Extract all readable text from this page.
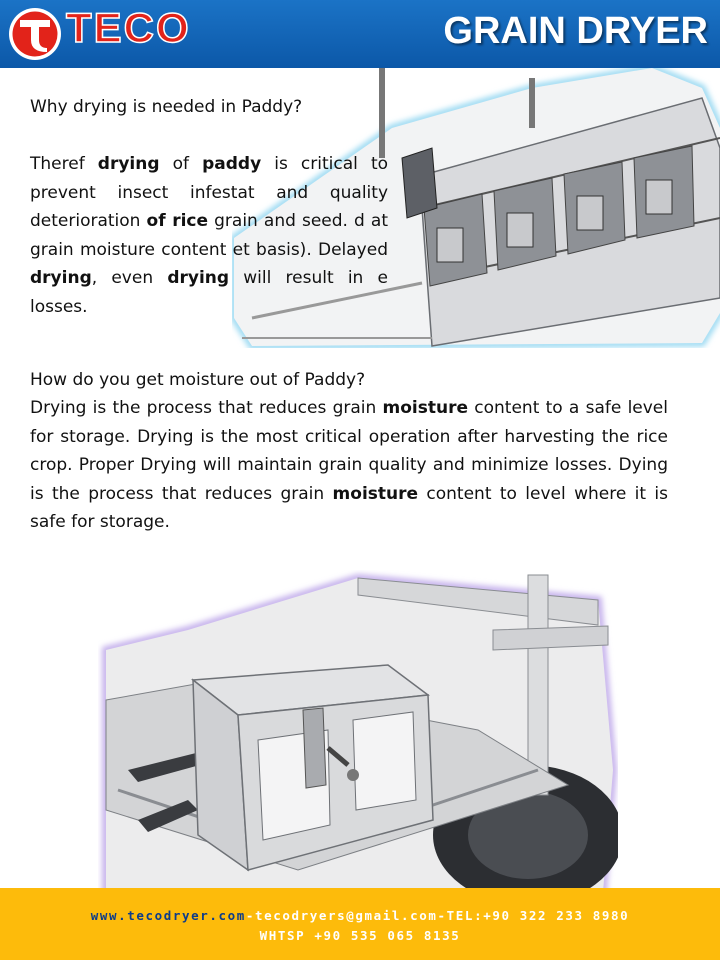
TECO	GRAIN DRYER

Why drying is needed in Paddy?

Theref drying of paddy is critical to prevent insect infestat and quality deterioration of rice grain and seed. d at grain moisture content et basis). Delayed drying, even drying will result in e losses.

How do you get moisture out of Paddy?

Drying is the process that reduces grain moisture content to a safe level for storage. Drying is the most critical operation after harvesting the rice crop. Proper Drying will maintain grain quality and minimize losses. Dying is the process that reduces grain moisture content to level where it is safe for storage.

www.tecodryer.com-tecodryers@gmail.com-TEL:+90 322 233 8980
WHTSP +90 535 065 8135
